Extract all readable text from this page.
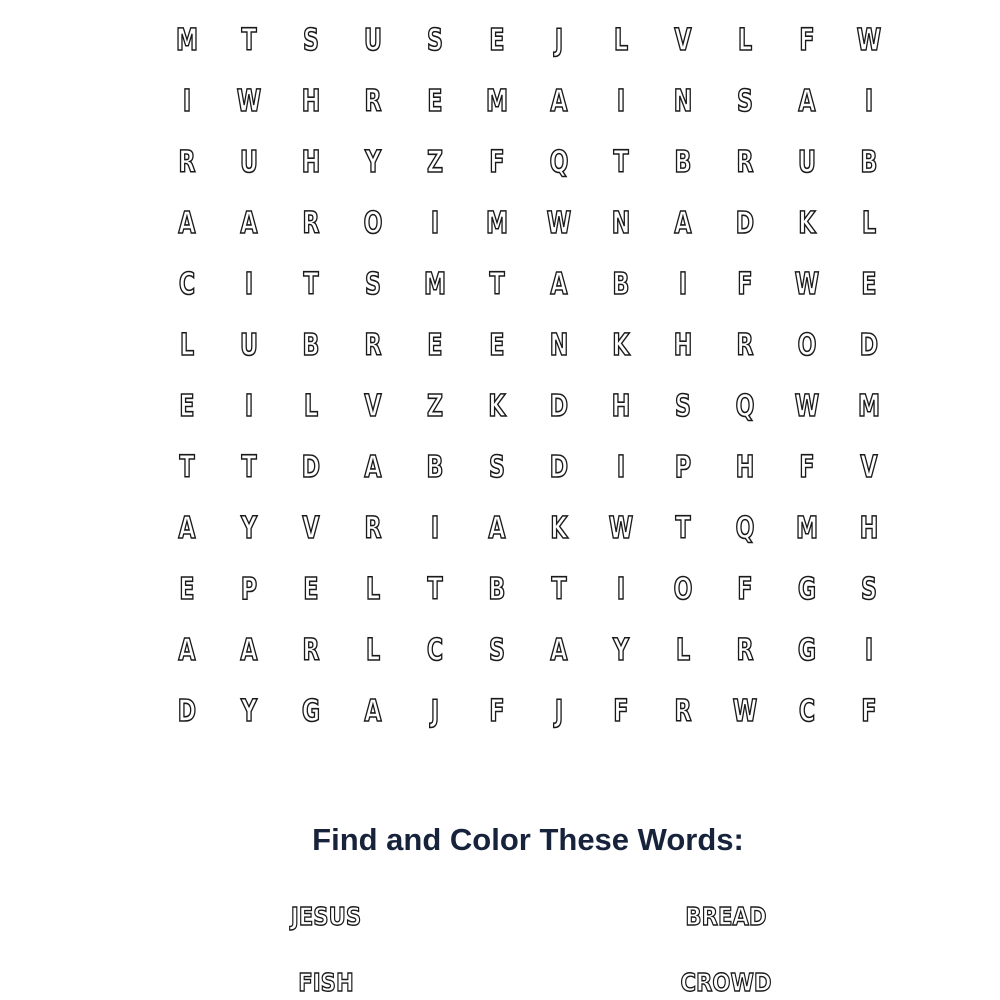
M	T	S	U	S	E	J	L	V	L	F	W
I	W	H	R	E	M	A	I	N	S	A	I
R	U	H	Y	Z	F	Q	T	B	R	U	B
A	A	R	O	I	M	W	N	A	D	K	L
C	I	T	S	M	T	A	B	I	F	W	E
L	U	B	R	E	E	N	K	H	R	O	D
E	I	L	V	Z	K	D	H	S	Q	W	M
T	T	D	A	B	S	D	I	P	H	F	V
A	Y	V	R	I	A	K	W	T	Q	M	H
E	P	E	L	T	B	T	I	O	F	G	S
A	A	R	L	C	S	A	Y	L	R	G	I
D	Y	G	A	J	F	J	F	R	W	C	F
Find and Color These Words:
JESUS	BREAD
FISH	CROWD
